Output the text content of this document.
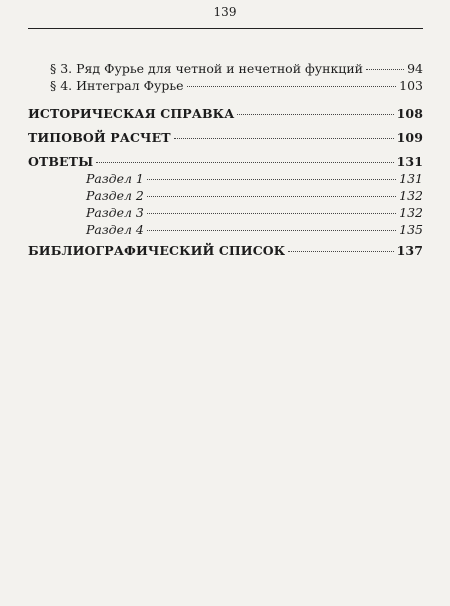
139
§ 3. Ряд Фурье для четной и нечетной функций	94
§ 4. Интеграл Фурье	103
ИСТОРИЧЕСКАЯ СПРАВКА	108
ТИПОВОЙ РАСЧЕТ	109
ОТВЕТЫ	131
Раздел 1	131
Раздел 2	132
Раздел 3	132
Раздел 4	135
БИБЛИОГРАФИЧЕСКИЙ СПИСОК	137
